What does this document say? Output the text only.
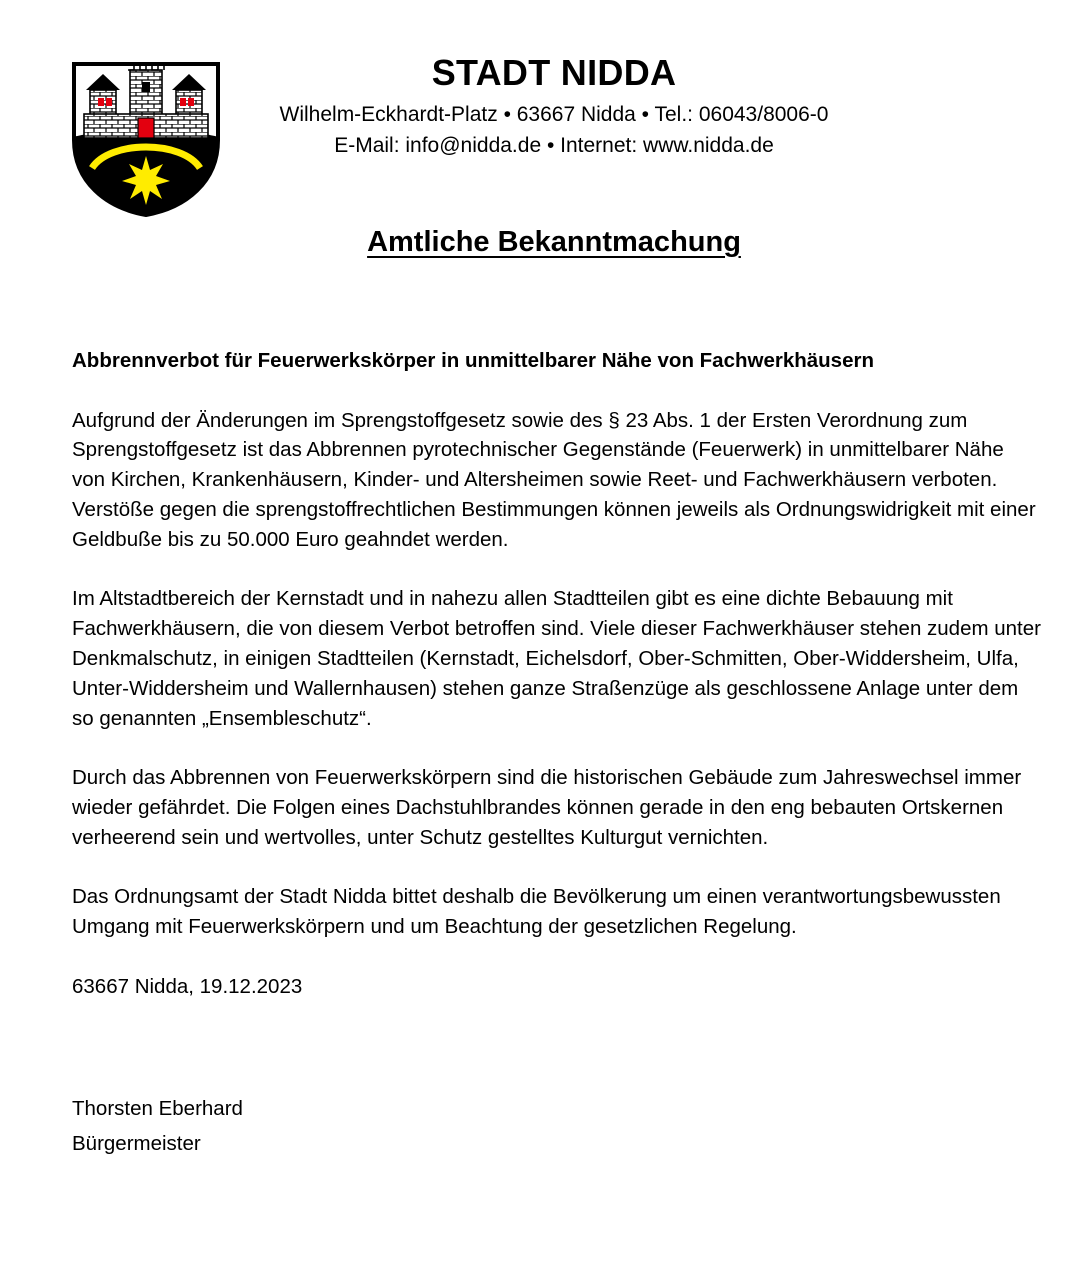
STADT NIDDA

Wilhelm-Eckhardt-Platz • 63667 Nidda • Tel.: 06043/8006-0

E-Mail: info@nidda.de • Internet: www.nidda.de

Amtliche Bekanntmachung

Abbrennverbot für Feuerwerkskörper in unmittelbarer Nähe von Fachwerkhäusern

Aufgrund der Änderungen im Sprengstoffgesetz sowie des § 23 Abs. 1 der Ersten Verordnung zum Sprengstoffgesetz ist das Abbrennen pyrotechnischer Gegenstände (Feuerwerk) in unmittelbarer Nähe von Kirchen, Krankenhäusern, Kinder- und Altersheimen sowie Reet- und Fachwerkhäusern verboten. Verstöße gegen die sprengstoffrechtlichen Bestimmungen können jeweils als Ordnungswidrigkeit mit einer Geldbuße bis zu 50.000 Euro geahndet werden.

Im Altstadtbereich der Kernstadt und in nahezu allen Stadtteilen gibt es eine dichte Bebauung mit Fachwerkhäusern, die von diesem Verbot betroffen sind. Viele dieser Fachwerkhäuser stehen zudem unter Denkmalschutz, in einigen Stadtteilen (Kernstadt, Eichelsdorf, Ober-Schmitten, Ober-Widdersheim, Ulfa, Unter-Widdersheim und Wallernhausen) stehen ganze Straßenzüge als geschlossene Anlage unter dem so genannten „Ensembleschutz“.

Durch das Abbrennen von Feuerwerkskörpern sind die historischen Gebäude zum Jahreswechsel immer wieder gefährdet. Die Folgen eines Dachstuhlbrandes können gerade in den eng bebauten Ortskernen verheerend sein und wertvolles, unter Schutz gestelltes Kulturgut vernichten.

Das Ordnungsamt der Stadt Nidda bittet deshalb die Bevölkerung um einen verantwortungsbewussten Umgang mit Feuerwerkskörpern und um Beachtung der gesetzlichen Regelung.

63667 Nidda, 19.12.2023

Thorsten Eberhard

Bürgermeister
